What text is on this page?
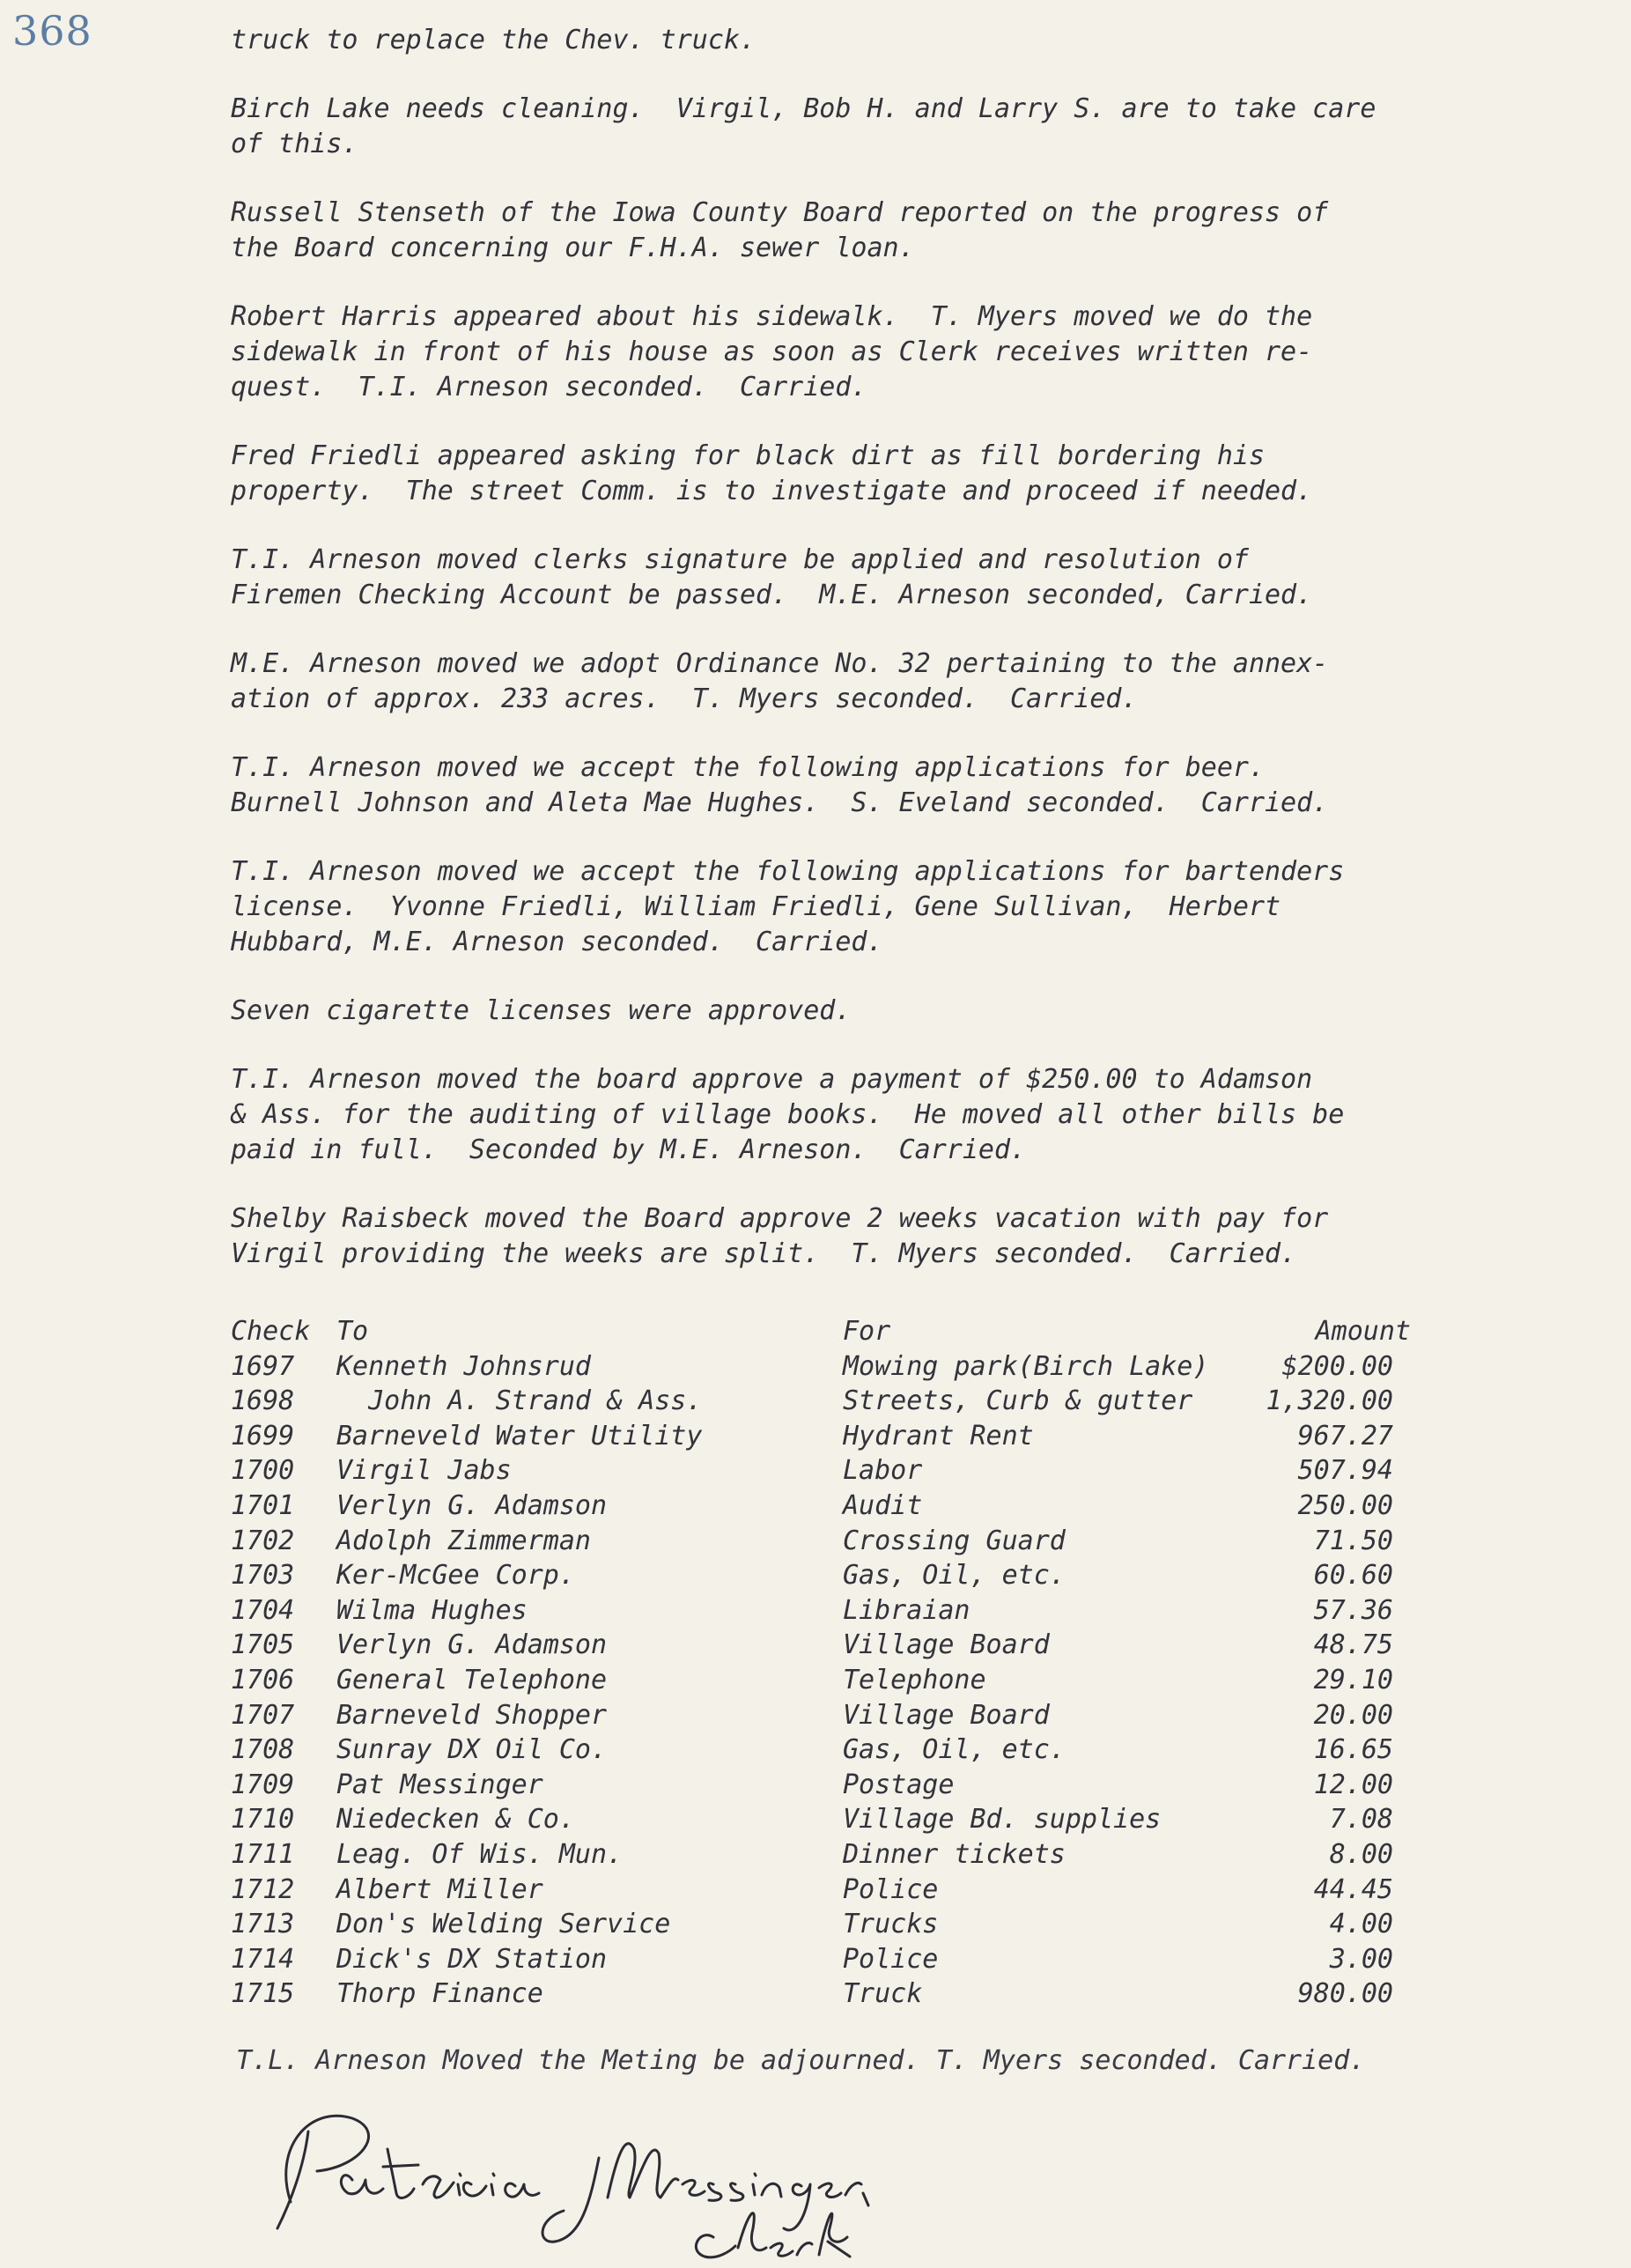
368	truck to replace the Chev. truck.
Birch Lake needs cleaning.  Virgil, Bob H. and Larry S. are to take care
of this.
Russell Stenseth of the Iowa County Board reported on the progress of
the Board concerning our F.H.A. sewer loan.
Robert Harris appeared about his sidewalk.  T. Myers moved we do the
sidewalk in front of his house as soon as Clerk receives written re-
quest.  T.I. Arneson seconded.  Carried.
Fred Friedli appeared asking for black dirt as fill bordering his
property.  The street Comm. is to investigate and proceed if needed.
T.I. Arneson moved clerks signature be applied and resolution of
Firemen Checking Account be passed.  M.E. Arneson seconded, Carried.
M.E. Arneson moved we adopt Ordinance No. 32 pertaining to the annex-
ation of approx. 233 acres.  T. Myers seconded.  Carried.
T.I. Arneson moved we accept the following applications for beer.
Burnell Johnson and Aleta Mae Hughes.  S. Eveland seconded.  Carried.
T.I. Arneson moved we accept the following applications for bartenders
license.  Yvonne Friedli, William Friedli, Gene Sullivan,  Herbert
Hubbard, M.E. Arneson seconded.  Carried.
Seven cigarette licenses were approved.
T.I. Arneson moved the board approve a payment of $250.00 to Adamson
& Ass. for the auditing of village books.  He moved all other bills be
paid in full.  Seconded by M.E. Arneson.  Carried.
Shelby Raisbeck moved the Board approve 2 weeks vacation with pay for
Virgil providing the weeks are split.  T. Myers seconded.  Carried.
Check To	For	Amount
1697 Kenneth Johnsrud	Mowing park(Birch Lake)	$200.00
1698 John A. Strand & Ass.	Streets, Curb & gutter	1,320.00
1699 Barneveld Water Utility	Hydrant Rent	967.27
1700 Virgil Jabs	Labor	507.94
1701 Verlyn G. Adamson	Audit	250.00
1702 Adolph Zimmerman	Crossing Guard	71.50
1703 Ker-McGee Corp.	Gas, Oil, etc.	60.60
1704 Wilma Hughes	Libraian	57.36
1705 Verlyn G. Adamson	Village Board	48.75
1706 General Telephone	Telephone	29.10
1707 Barneveld Shopper	Village Board	20.00
1708 Sunray DX Oil Co.	Gas, Oil, etc.	16.65
1709 Pat Messinger	Postage	12.00
1710 Niedecken & Co.	Village Bd. supplies	7.08
1711 Leag. Of Wis. Mun.	Dinner tickets	8.00
1712 Albert Miller	Police	44.45
1713 Don's Welding Service	Trucks	4.00
1714 Dick's DX Station	Police	3.00
1715 Thorp Finance	Truck	980.00
T.L. Arneson Moved the Meting be adjourned. T. Myers seconded. Carried.
